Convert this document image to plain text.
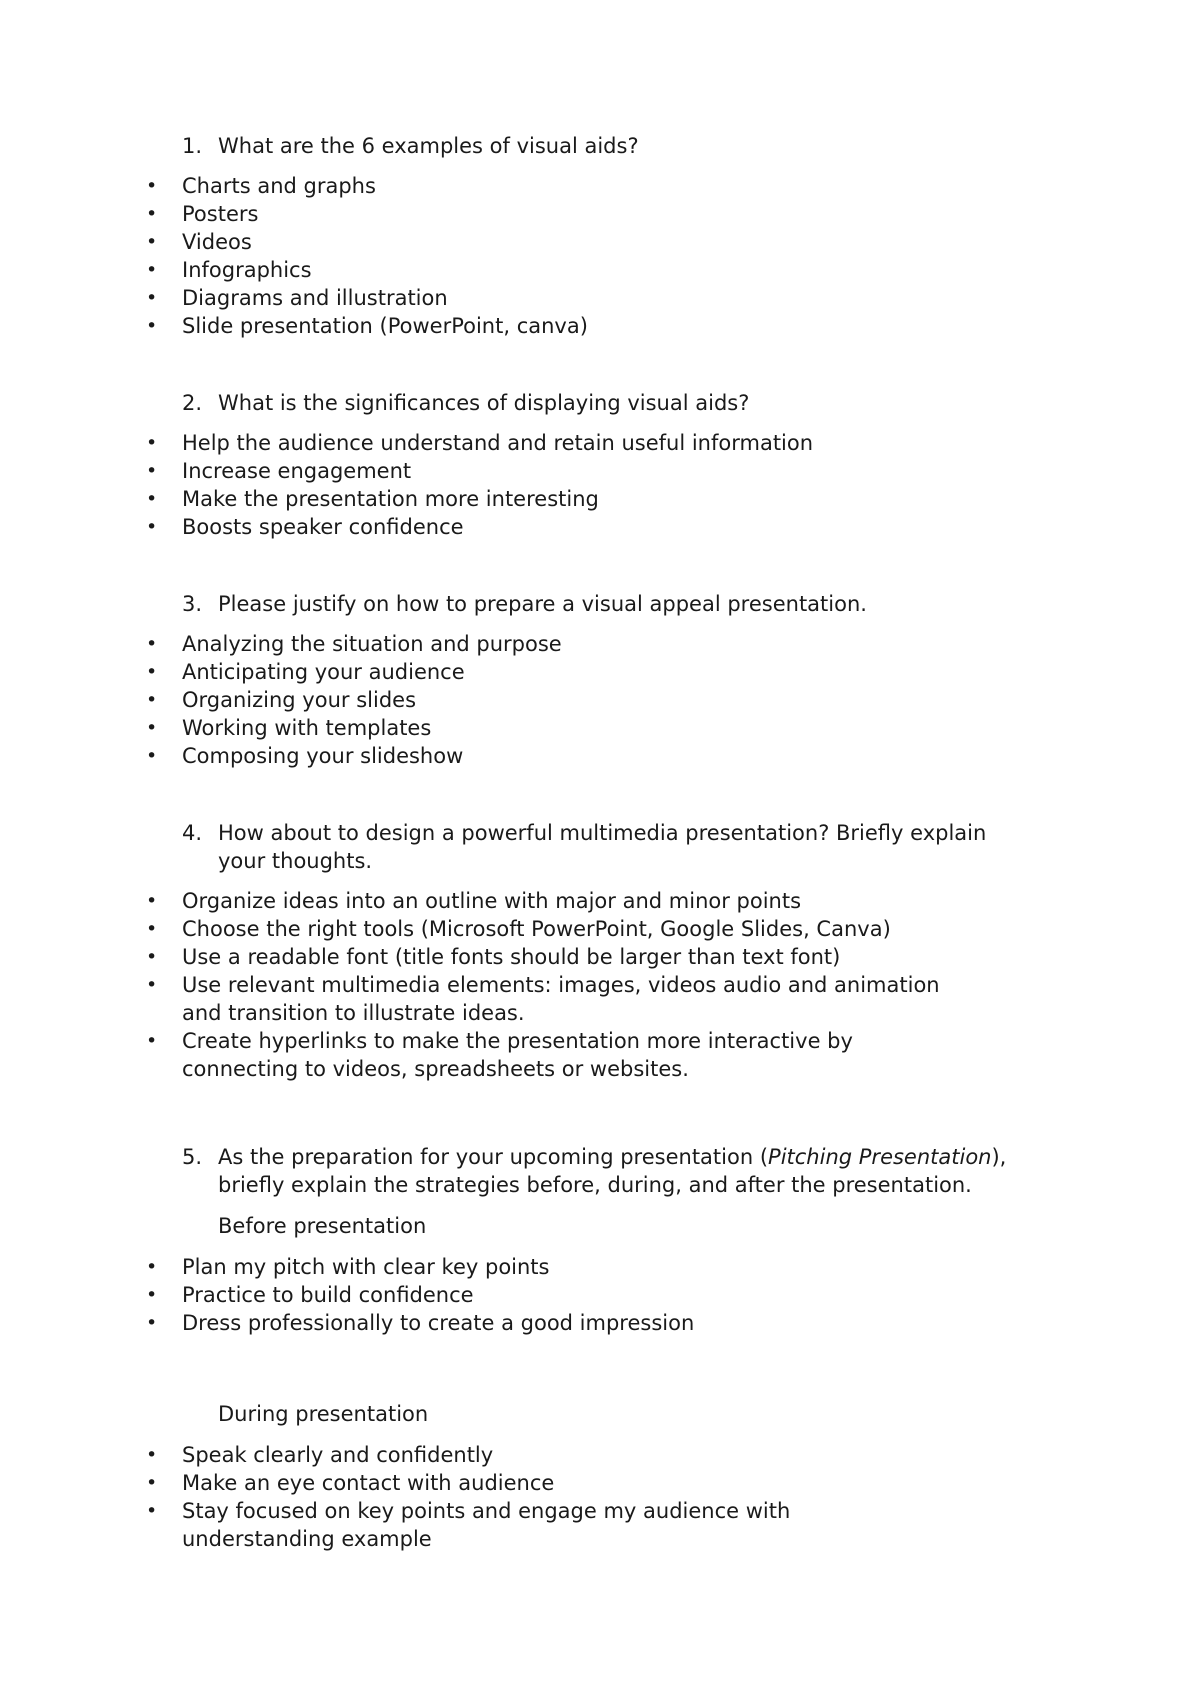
1. What are the 6 examples of visual aids?
• Charts and graphs
• Posters
• Videos
• Infographics
• Diagrams and illustration
• Slide presentation (PowerPoint, canva)
2. What is the significances of displaying visual aids?
• Help the audience understand and retain useful information
• Increase engagement
• Make the presentation more interesting
• Boosts speaker confidence
3. Please justify on how to prepare a visual appeal presentation.
• Analyzing the situation and purpose
• Anticipating your audience
• Organizing your slides
• Working with templates
• Composing your slideshow
4. How about to design a powerful multimedia presentation? Briefly explain
your thoughts.
• Organize ideas into an outline with major and minor points
• Choose the right tools (Microsoft PowerPoint, Google Slides, Canva)
• Use a readable font (title fonts should be larger than text font)
• Use relevant multimedia elements: images, videos audio and animation
and transition to illustrate ideas.
• Create hyperlinks to make the presentation more interactive by
connecting to videos, spreadsheets or websites.
5. As the preparation for your upcoming presentation (Pitching Presentation),
briefly explain the strategies before, during, and after the presentation.
Before presentation
• Plan my pitch with clear key points
• Practice to build confidence
• Dress professionally to create a good impression
During presentation
• Speak clearly and confidently
• Make an eye contact with audience
• Stay focused on key points and engage my audience with
understanding example
